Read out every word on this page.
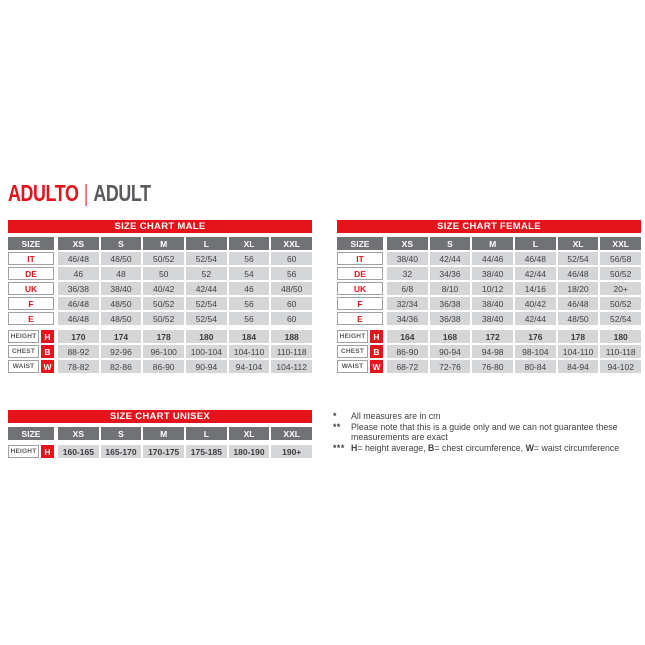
ADULTO | ADULT
SIZE CHART MALE
SIZE	XS	S	M	L	XL	XXL
IT	46/48	48/50	50/52	52/54	56	60
DE	46	48	50	52	54	56
UK	36/38	38/40	40/42	42/44	46	48/50
F	46/48	48/50	50/52	52/54	56	60
E	46/48	48/50	50/52	52/54	56	60
HEIGHT H	170	174	178	180	184	188
CHEST	B	88-92	92-96	96-100	100-104	104-110	110-118
WAIST	W	78-82	82-86	86-90	90-94	94-104	104-112
SIZE CHART FEMALE
SIZE	XS	S	M	L	XL	XXL
IT	38/40	42/44	44/46	46/48	52/54	56/58
DE	32	34/36	38/40	42/44	46/48	50/52
UK	6/8	8/10	10/12	14/16	18/20	20+
F	32/34	36/38	38/40	40/42	46/48	50/52
E	34/36	36/38	38/40	42/44	48/50	52/54
HEIGHT H	164	168	172	176	178	180
CHEST	B	86-90	90-94	94-98	98-104	104-110	110-118
WAIST	W	68-72	72-76	76-80	80-84	84-94	94-102
SIZE CHART UNISEX
SIZE	XS	S	M	L	XL	XXL
HEIGHT H	160-165	165-170	170-175	175-185	180-190	190+
*	All measures are in cm
**	Please note that this is a guide only and we can not guarantee these measurements are exact
*** H= height average, B= chest circumference, W= waist circumference
